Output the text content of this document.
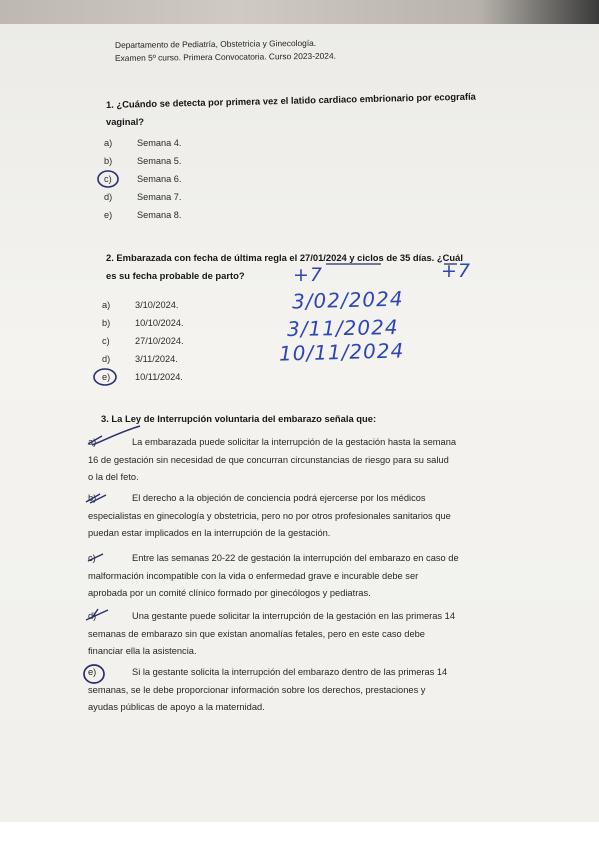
Departamento de Pediatría, Obstetricia y Ginecología.
Examen 5º curso. Primera Convocatoria. Curso 2023-2024.
1. ¿Cuándo se detecta por primera vez el latido cardiaco embrionario por ecografía
vaginal?
a)	Semana 4.
b)	Semana 5.
c)	Semana 6.
d)	Semana 7.
e)	Semana 8.
2. Embarazada con fecha de última regla el 27/01/2024 y ciclos de 35 días. ¿Cuál
es su fecha probable de parto?
a)	3/10/2024.
b)	10/10/2024.
c)	27/10/2024.
d)	3/11/2024.
e)	10/11/2024.
+7	+7
3/02/2024
3/11/2024
10/11/2024
3. La Ley de Interrupción voluntaria del embarazo señala que:
a)	La embarazada puede solicitar la interrupción de la gestación hasta la semana
16 de gestación sin necesidad de que concurran circunstancias de riesgo para su salud
o la del feto.
b)	El derecho a la objeción de conciencia podrá ejercerse por los médicos
especialistas en ginecología y obstetricia, pero no por otros profesionales sanitarios que
puedan estar implicados en la interrupción de la gestación.
c)	Entre las semanas 20-22 de gestación la interrupción del embarazo en caso de
malformación incompatible con la vida o enfermedad grave e incurable debe ser
aprobada por un comité clínico formado por ginecólogos y pediatras.
d)	Una gestante puede solicitar la interrupción de la gestación en las primeras 14
semanas de embarazo sin que existan anomalías fetales, pero en este caso debe
financiar ella la asistencia.
e)	Si la gestante solicita la interrupción del embarazo dentro de las primeras 14
semanas, se le debe proporcionar información sobre los derechos, prestaciones y
ayudas públicas de apoyo a la maternidad.
